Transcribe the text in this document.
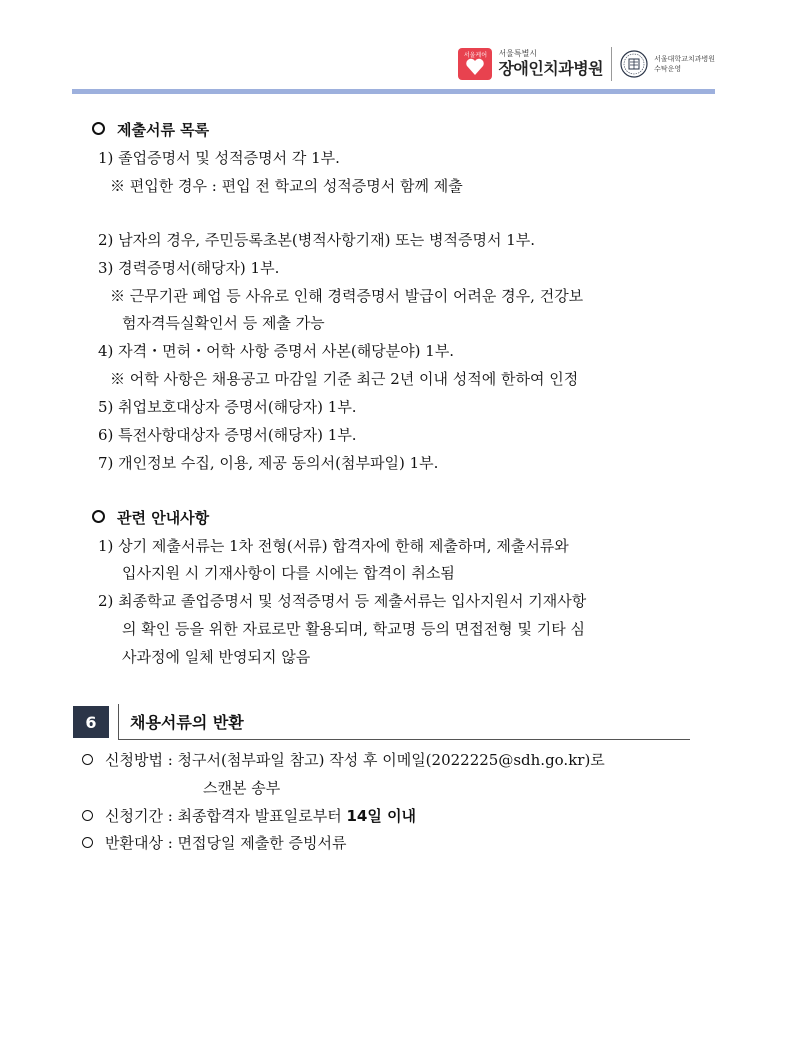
서울케어	서울특별시
장애인치과병원	서울대학교치과병원
수탁운영
제출서류 목록
1) 졸업증명서 및 성적증명서 각 1부.
※ 편입한 경우 : 편입 전 학교의 성적증명서 함께 제출
2) 남자의 경우, 주민등록초본(병적사항기재) 또는 병적증명서 1부.
3) 경력증명서(해당자) 1부.
※ 근무기관 폐업 등 사유로 인해 경력증명서 발급이 어려운 경우, 건강보
험자격득실확인서 등 제출 가능
4) 자격・면허・어학 사항 증명서 사본(해당분야) 1부.
※ 어학 사항은 채용공고 마감일 기준 최근 2년 이내 성적에 한하여 인정
5) 취업보호대상자 증명서(해당자) 1부.
6) 특전사항대상자 증명서(해당자) 1부.
7) 개인정보 수집, 이용, 제공 동의서(첨부파일) 1부.
관련 안내사항
1) 상기 제출서류는 1차 전형(서류) 합격자에 한해 제출하며, 제출서류와
입사지원 시 기재사항이 다를 시에는 합격이 취소됨
2) 최종학교 졸업증명서 및 성적증명서 등 제출서류는 입사지원서 기재사항
의 확인 등을 위한 자료로만 활용되며, 학교명 등의 면접전형 및 기타 심
사과정에 일체 반영되지 않음
6	채용서류의 반환
신청방법 : 청구서(첨부파일 참고) 작성 후 이메일(2022225@sdh.go.kr)로
스캔본 송부
신청기간 : 최종합격자 발표일로부터 14일 이내
반환대상 : 면접당일 제출한 증빙서류
